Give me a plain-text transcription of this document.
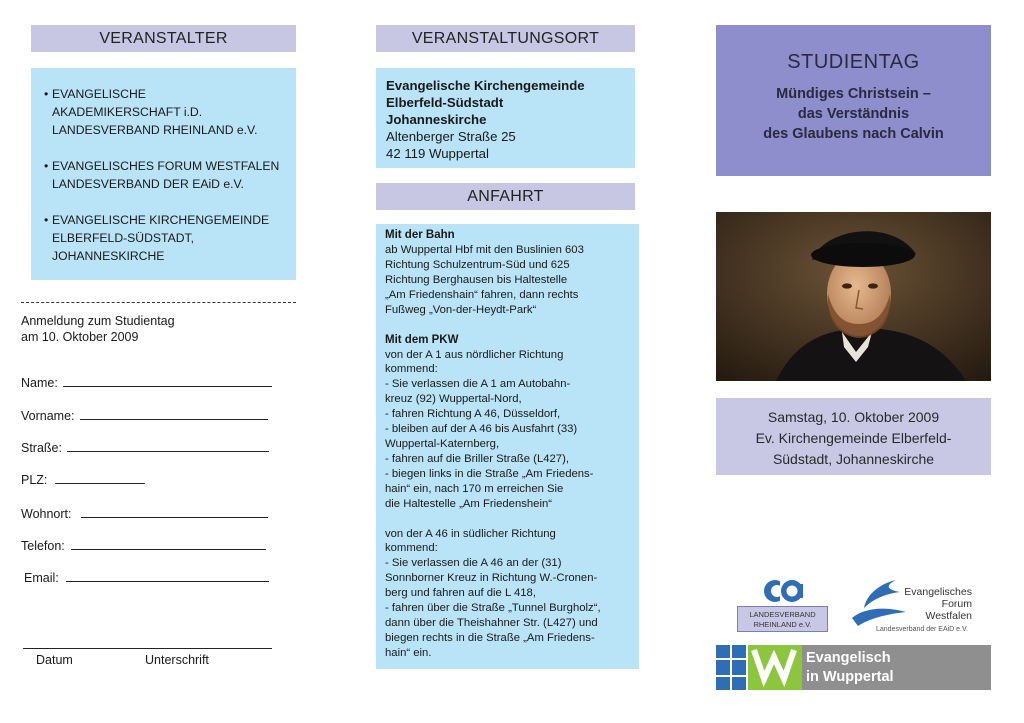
VERANSTALTER
• EVANGELISCHE
AKADEMIKERSCHAFT i.D.
LANDESVERBAND RHEINLAND e.V.
• EVANGELISCHES FORUM WESTFALEN
LANDESVERBAND DER EAiD e.V.
• EVANGELISCHE KIRCHENGEMEINDE
ELBERFELD-SÜDSTADT,
JOHANNESKIRCHE
Anmeldung zum Studientag
am 10. Oktober 2009
Name:
Vorname:
Straße:
PLZ:
Wohnort:
Telefon:
Email:
Datum	Unterschrift
VERANSTALTUNGSORT
Evangelische Kirchengemeinde
Elberfeld-Südstadt
Johanneskirche
Altenberger Straße 25
42 119 Wuppertal
ANFAHRT
Mit der Bahn

ab Wuppertal Hbf mit den Buslinien 603
Richtung Schulzentrum-Süd und 625
Richtung Berghausen bis Haltestelle
„Am Friedenshain“ fahren, dann rechts
Fußweg „Von-der-Heydt-Park“

Mit dem PKW

von der A 1 aus nördlicher Richtung
kommend:
- Sie verlassen die A 1 am Autobahn-
kreuz (92) Wuppertal-Nord,
- fahren Richtung A 46, Düsseldorf,
- bleiben auf der A 46 bis Ausfahrt (33)
Wuppertal-Katernberg,
- fahren auf die Briller Straße (L427),
- biegen links in die Straße „Am Friedens-
hain“ ein, nach 170 m erreichen Sie
die Haltestelle „Am Friedenshein“

von der A 46 in südlicher Richtung
kommend:
- Sie verlassen die A 46 an der (31)
Sonnborner Kreuz in Richtung W.-Cronen-
berg und fahren auf die L 418,
- fahren über die Straße „Tunnel Burgholz“,
dann über die Theishahner Str. (L427) und
biegen rechts in die Straße „Am Friedens-
hain“ ein.

STUDIENTAG
Mündiges Christsein –
das Verständnis
des Glaubens nach Calvin
Samstag, 10. Oktober 2009
Ev. Kirchengemeinde Elberfeld-
Südstadt, Johanneskirche
LANDESVERBAND
RHEINLAND e.V.
Evangelisches
Forum
Westfalen
Landesverband der EAiD e.V.
Evangelisch
in Wuppertal
